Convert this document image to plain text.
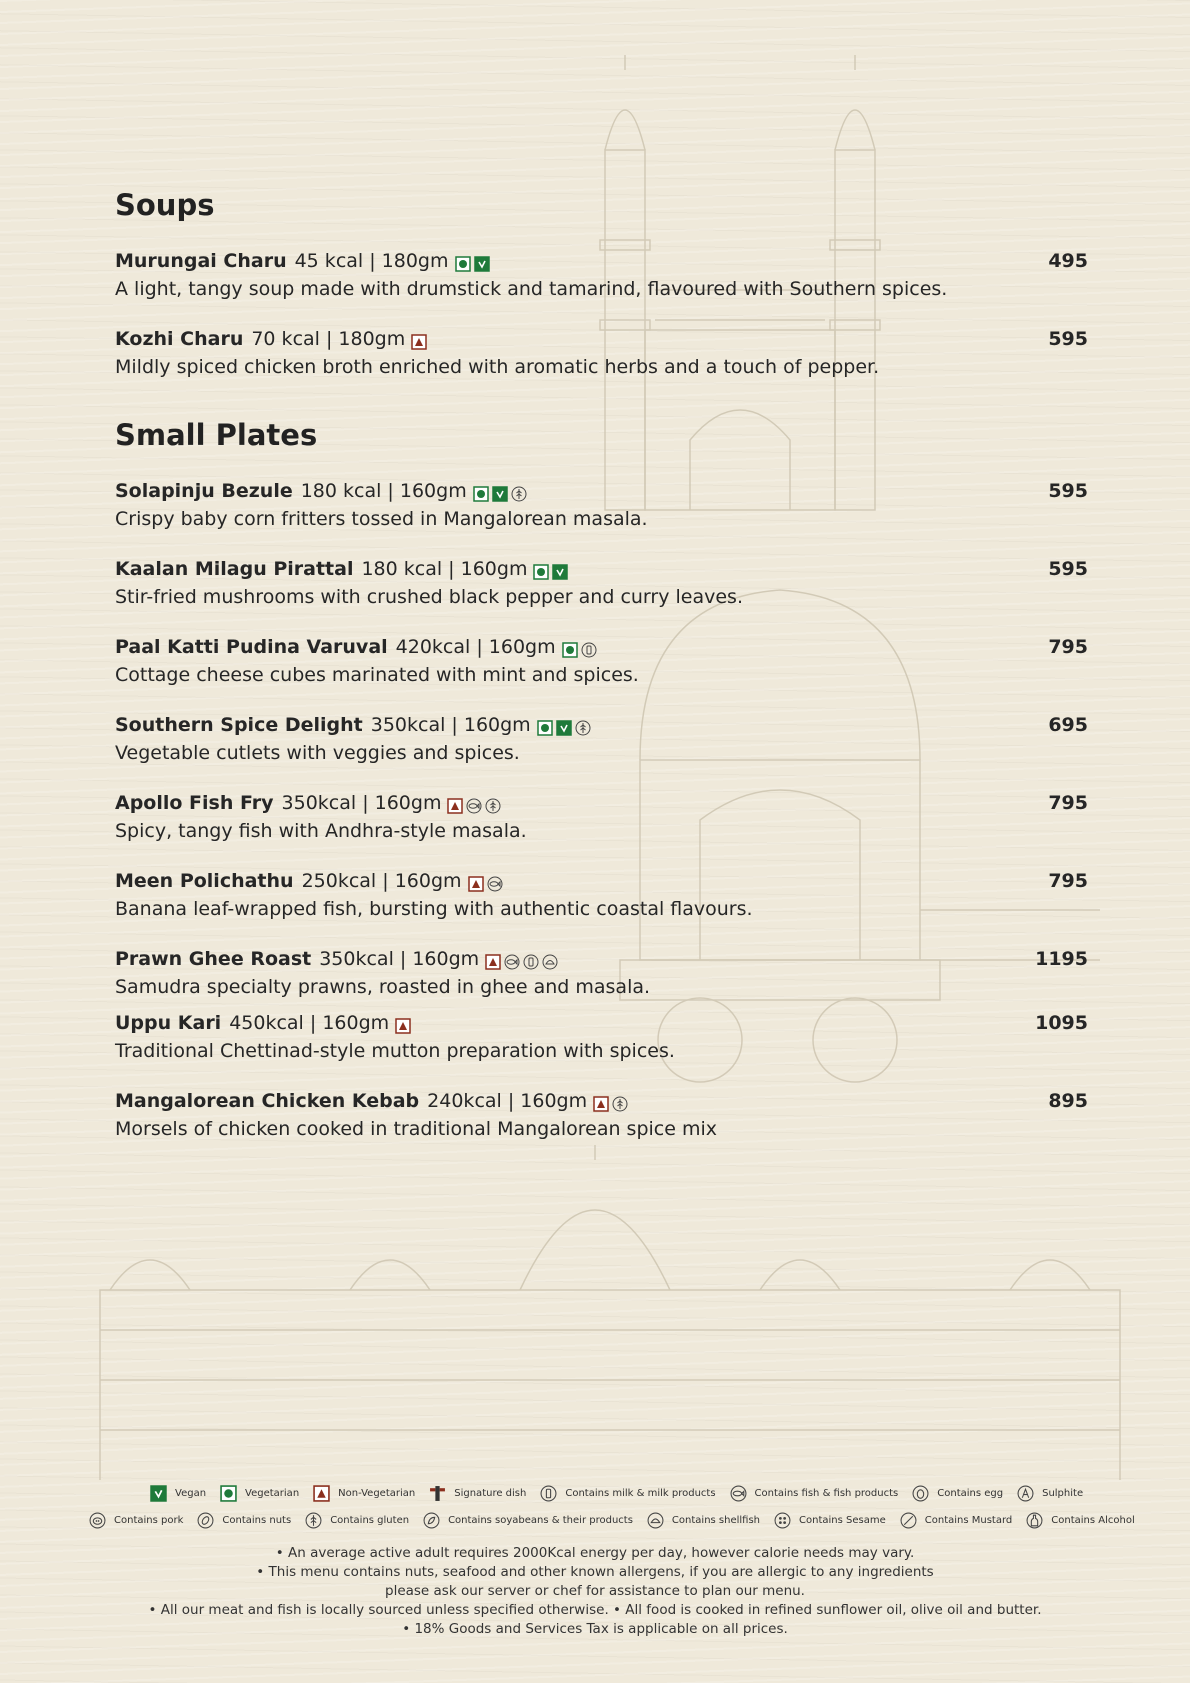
Soups
Murungai Charu 45 kcal | 180gm
A light, tangy soup made with drumstick and tamarind, flavoured with Southern spices.
495
Kozhi Charu 70 kcal | 180gm
Mildly spiced chicken broth enriched with aromatic herbs and a touch of pepper.
595
Small Plates
Solapinju Bezule 180 kcal | 160gm
Crispy baby corn fritters tossed in Mangalorean masala.
595
Kaalan Milagu Pirattal 180 kcal | 160gm
Stir-fried mushrooms with crushed black pepper and curry leaves.
595
Paal Katti Pudina Varuval 420kcal | 160gm
Cottage cheese cubes marinated with mint and spices.
795
Southern Spice Delight 350kcal | 160gm
Vegetable cutlets with veggies and spices.
695
Apollo Fish Fry 350kcal | 160gm
Spicy, tangy fish with Andhra-style masala.
795
Meen Polichathu 250kcal | 160gm
Banana leaf-wrapped fish, bursting with authentic coastal flavours.
795
Prawn Ghee Roast 350kcal | 160gm
Samudra specialty prawns, roasted in ghee and masala.
1195
Uppu Kari 450kcal | 160gm
Traditional Chettinad-style mutton preparation with spices.
1095
Mangalorean Chicken Kebab 240kcal | 160gm
Morsels of chicken cooked in traditional Mangalorean spice mix
895
Vegan	Vegetarian	Non-Vegetarian	Signature dish	Contains milk & milk products	Contains fish & fish products	Contains egg	Sulphite
Contains pork	Contains nuts	Contains gluten	Contains soyabeans & their products	Contains shellfish	Contains Sesame	Contains Mustard	Contains Alcohol
• An average active adult requires 2000Kcal energy per day, however calorie needs may vary.
• This menu contains nuts, seafood and other known allergens, if you are allergic to any ingredients
please ask our server or chef for assistance to plan our menu.
• All our meat and fish is locally sourced unless specified otherwise. • All food is cooked in refined sunflower oil, olive oil and butter.
• 18% Goods and Services Tax is applicable on all prices.
